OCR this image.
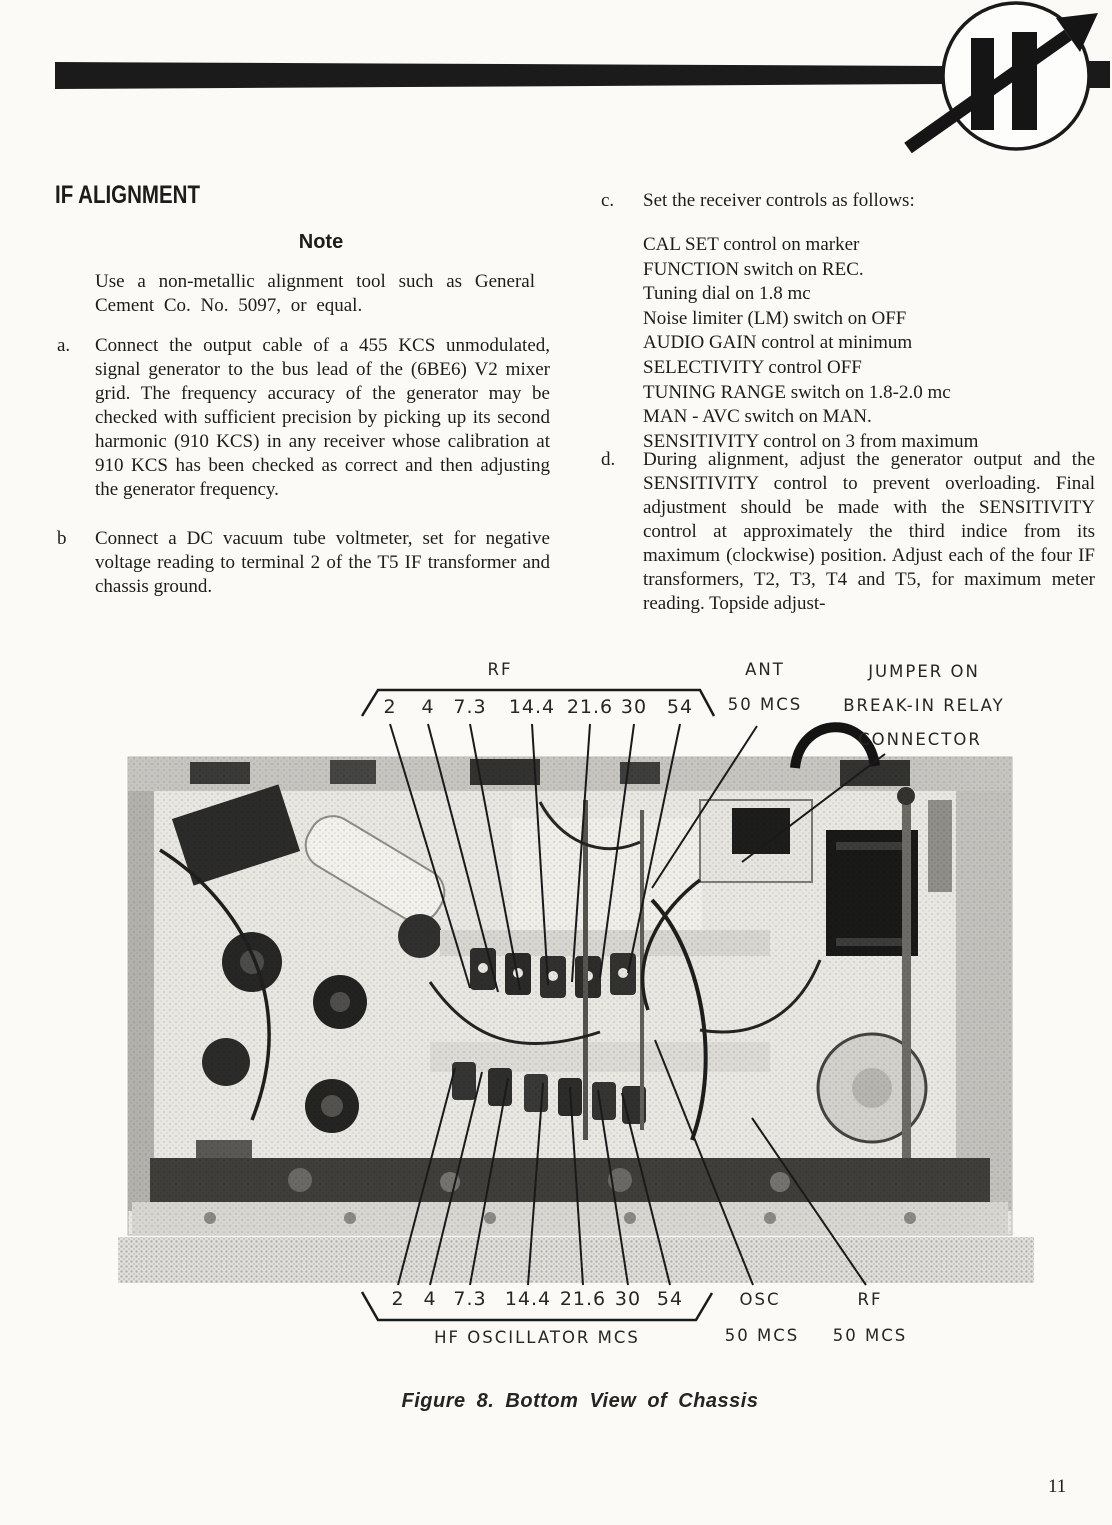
IF ALIGNMENT
Note
Use a non-metallic alignment tool such as General Cement Co. No. 5097, or equal.
a. Connect the output cable of a 455 KCS unmodulated, signal generator to the bus lead of the (6BE6) V2 mixer grid. The frequency accuracy of the generator may be checked with sufficient precision by picking up its second harmonic (910 KCS) in any receiver whose calibration at 910 KCS has been checked as correct and then adjusting the generator frequency.
b Connect a DC vacuum tube voltmeter, set for negative voltage reading to terminal 2 of the T5 IF transformer and chassis ground.
c. Set the receiver controls as follows:
CAL SET control on marker
FUNCTION switch on REC.
Tuning dial on 1.8 mc
Noise limiter (LM) switch on OFF
AUDIO GAIN control at minimum
SELECTIVITY control OFF
TUNING RANGE switch on 1.8-2.0 mc
MAN - AVC switch on MAN.
SENSITIVITY control on 3 from maximum
d. During alignment, adjust the generator output and the SENSITIVITY control to prevent overloading. Final adjustment should be made with the SENSITIVITY control at approximately the third indice from its maximum (clockwise) position. Adjust each of the four IF transformers, T2, T3, T4 and T5, for maximum meter reading. Topside adjust-
RF
2 4 7.3 14.4 21.6 30 54
ANT
50 MCS
JUMPER ON
BREAK-IN RELAY
CONNECTOR
2 4 7.3 14.4 21.6 30 54
HF OSCILLATOR MCS
OSC
50 MCS
RF
50 MCS
Figure 8. Bottom View of Chassis
11
